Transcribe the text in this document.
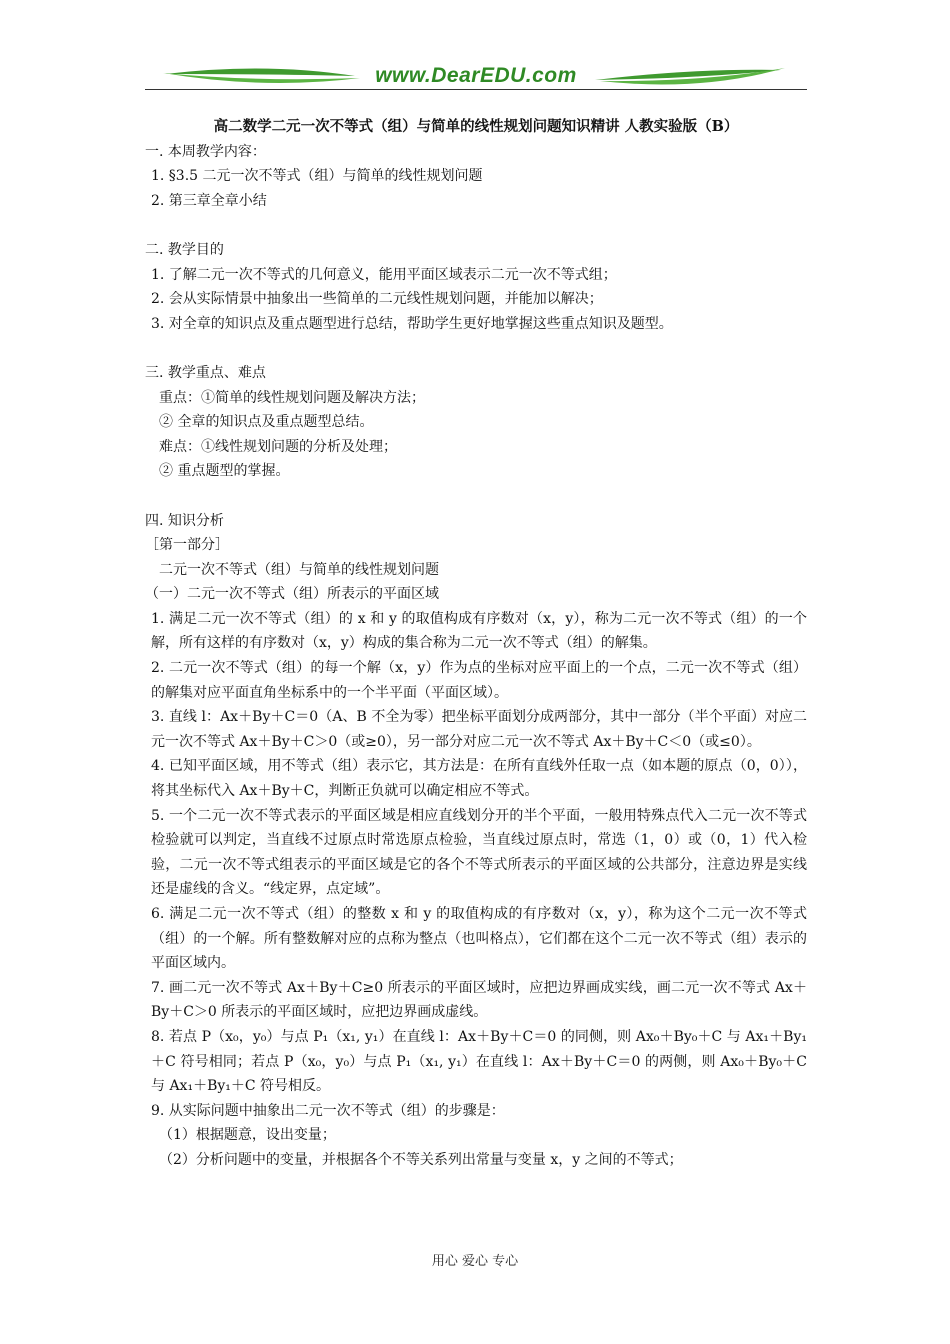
www.DearEDU.com
高二数学二元一次不等式（组）与简单的线性规划问题知识精讲 人教实验版（B）
一. 本周教学内容：
1. §3.5 二元一次不等式（组）与简单的线性规划问题
2. 第三章全章小结
二. 教学目的
1. 了解二元一次不等式的几何意义，能用平面区域表示二元一次不等式组；
2. 会从实际情景中抽象出一些简单的二元线性规划问题，并能加以解决；
3. 对全章的知识点及重点题型进行总结，帮助学生更好地掌握这些重点知识及题型。
三. 教学重点、难点
重点：①简单的线性规划问题及解决方法；
② 全章的知识点及重点题型总结。
难点：①线性规划问题的分析及处理；
② 重点题型的掌握。
四. 知识分析
［第一部分］
二元一次不等式（组）与简单的线性规划问题
（一）二元一次不等式（组）所表示的平面区域
1. 满足二元一次不等式（组）的 x 和 y 的取值构成有序数对（x，y），称为二元一次不等式（组）的一个解，所有这样的有序数对（x，y）构成的集合称为二元一次不等式（组）的解集。
2. 二元一次不等式（组）的每一个解（x，y）作为点的坐标对应平面上的一个点，二元一次不等式（组）的解集对应平面直角坐标系中的一个半平面（平面区域）。
3. 直线 l：Ax＋By＋C＝0（A、B 不全为零）把坐标平面划分成两部分，其中一部分（半个平面）对应二元一次不等式 Ax＋By＋C＞0（或≥0），另一部分对应二元一次不等式 Ax＋By＋C＜0（或≤0）。
4. 已知平面区域，用不等式（组）表示它，其方法是：在所有直线外任取一点（如本题的原点（0，0）），将其坐标代入 Ax＋By＋C，判断正负就可以确定相应不等式。
5. 一个二元一次不等式表示的平面区域是相应直线划分开的半个平面，一般用特殊点代入二元一次不等式检验就可以判定，当直线不过原点时常选原点检验，当直线过原点时，常选（1，0）或（0，1）代入检验，二元一次不等式组表示的平面区域是它的各个不等式所表示的平面区域的公共部分，注意边界是实线还是虚线的含义。“线定界，点定域”。
6. 满足二元一次不等式（组）的整数 x 和 y 的取值构成的有序数对（x，y），称为这个二元一次不等式（组）的一个解。所有整数解对应的点称为整点（也叫格点），它们都在这个二元一次不等式（组）表示的平面区域内。
7. 画二元一次不等式 Ax＋By＋C≥0 所表示的平面区域时，应把边界画成实线，画二元一次不等式 Ax＋By＋C＞0 所表示的平面区域时，应把边界画成虚线。
8. 若点 P（x₀，y₀）与点 P₁（x₁, y₁）在直线 l：Ax＋By＋C＝0 的同侧，则 Ax₀＋By₀＋C 与 Ax₁＋By₁＋C 符号相同；若点 P（x₀，y₀）与点 P₁（x₁, y₁）在直线 l：Ax＋By＋C＝0 的两侧，则 Ax₀＋By₀＋C 与 Ax₁＋By₁＋C 符号相反。
9. 从实际问题中抽象出二元一次不等式（组）的步骤是：
（1）根据题意，设出变量；
（2）分析问题中的变量，并根据各个不等关系列出常量与变量 x，y 之间的不等式；
用心 爱心 专心
